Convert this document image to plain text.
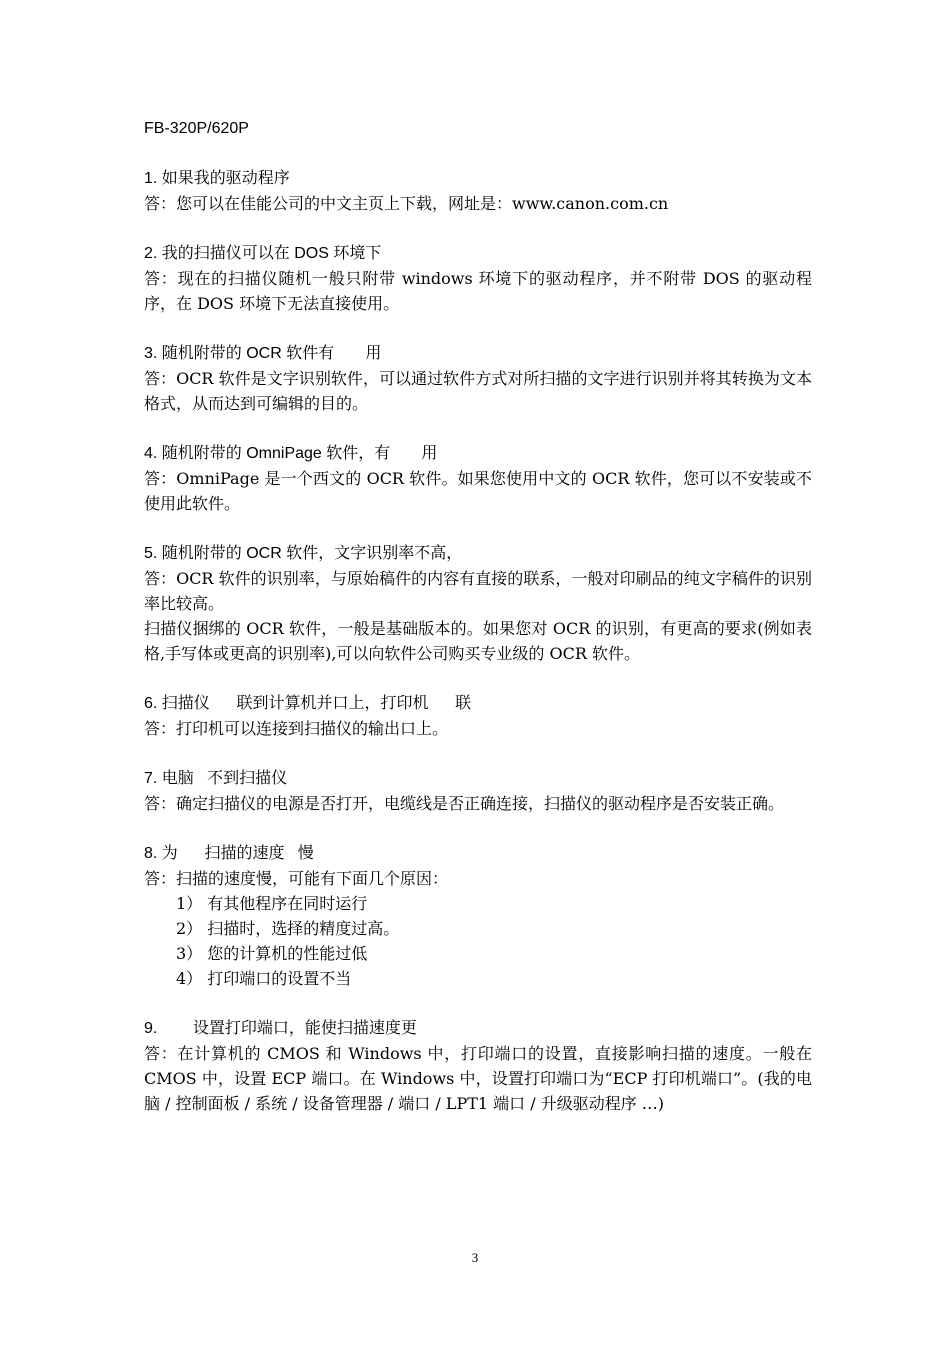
FB-320P/620P
1. 如果我的驱动程序
答：您可以在佳能公司的中文主页上下载，网址是：www.canon.com.cn
2. 我的扫描仪可以在 DOS 环境下
答：现在的扫描仪随机一般只附带 windows 环境下的驱动程序，并不附带 DOS 的驱动程序，在 DOS 环境下无法直接使用。
3. 随机附带的 OCR 软件有       用
答：OCR 软件是文字识别软件，可以通过软件方式对所扫描的文字进行识别并将其转换为文本格式，从而达到可编辑的目的。
4. 随机附带的 OmniPage 软件，有       用
答：OmniPage 是一个西文的 OCR 软件。如果您使用中文的 OCR 软件，您可以不安装或不使用此软件。
5. 随机附带的 OCR 软件，文字识别率不高，
答：OCR 软件的识别率，与原始稿件的内容有直接的联系，一般对印刷品的纯文字稿件的识别率比较高。
扫描仪捆绑的 OCR 软件，一般是基础版本的。如果您对 OCR 的识别，有更高的要求(例如表格,手写体或更高的识别率),可以向软件公司购买专业级的 OCR 软件。
6. 扫描仪      联到计算机并口上，打印机      联
答：打印机可以连接到扫描仪的输出口上。
7. 电脑   不到扫描仪
答：确定扫描仪的电源是否打开，电缆线是否正确连接，扫描仪的驱动程序是否安装正确。
8. 为      扫描的速度   慢
答：扫描的速度慢，可能有下面几个原因：
1） 有其他程序在同时运行
2） 扫描时，选择的精度过高。
3） 您的计算机的性能过低
4） 打印端口的设置不当
9.        设置打印端口，能使扫描速度更
答：在计算机的 CMOS 和 Windows 中，打印端口的设置，直接影响扫描的速度。一般在 CMOS 中，设置 ECP 端口。在 Windows 中，设置打印端口为“ECP 打印机端口”。(我的电脑 / 控制面板 / 系统 / 设备管理器 / 端口 / LPT1 端口 / 升级驱动程序 …)
3
